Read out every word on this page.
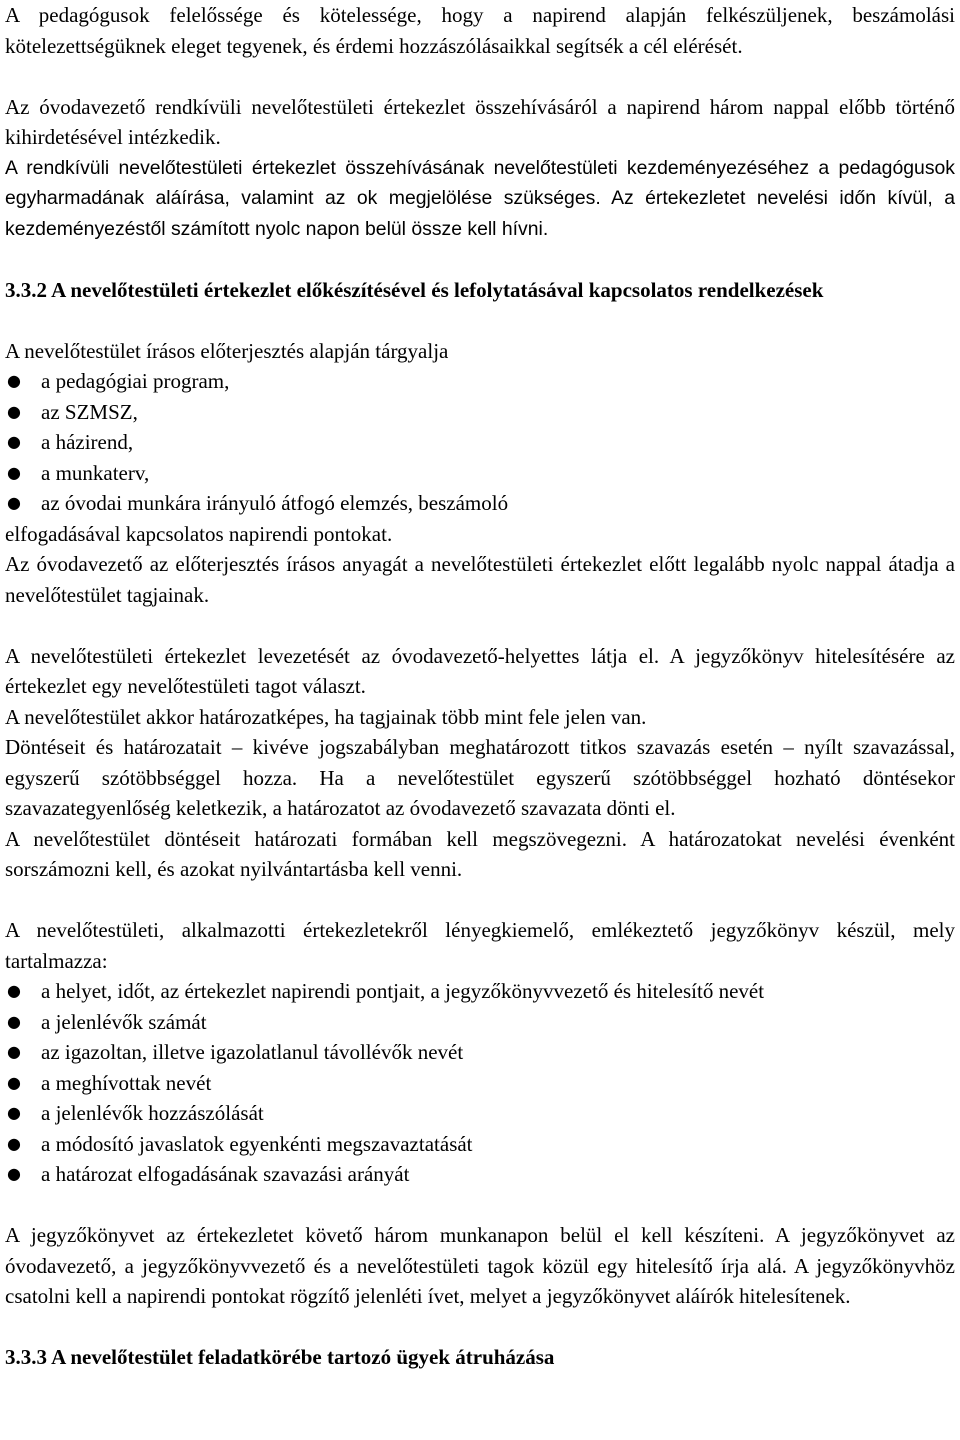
A pedagógusok felelőssége és kötelessége, hogy a napirend alapján felkészüljenek, beszámolási kötelezettségüknek eleget tegyenek, és érdemi hozzászólásaikkal segítsék a cél elérését.

Az óvodavezető rendkívüli nevelőtestületi értekezlet összehívásáról a napirend három nappal előbb történő kihirdetésével intézkedik.

A rendkívüli nevelőtestületi értekezlet összehívásának nevelőtestületi kezdeményezéséhez a pedagógusok egyharmadának aláírása, valamint az ok megjelölése szükséges. Az értekezletet nevelési időn kívül, a kezdeményezéstől számított nyolc napon belül össze kell hívni.

3.3.2 A nevelőtestületi értekezlet előkészítésével és lefolytatásával kapcsolatos rendelkezések

A nevelőtestület írásos előterjesztés alapján tárgyalja

● a pedagógiai program,
● az SZMSZ,
● a házirend,
● a munkaterv,
● az óvodai munkára irányuló átfogó elemzés, beszámoló

elfogadásával kapcsolatos napirendi pontokat.

Az óvodavezető az előterjesztés írásos anyagát a nevelőtestületi értekezlet előtt legalább nyolc nappal átadja a nevelőtestület tagjainak.

A nevelőtestületi értekezlet levezetését az óvodavezető-helyettes látja el. A jegyzőkönyv hitelesítésére az értekezlet egy nevelőtestületi tagot választ.

A nevelőtestület akkor határozatképes, ha tagjainak több mint fele jelen van.

Döntéseit és határozatait – kivéve jogszabályban meghatározott titkos szavazás esetén – nyílt szavazással, egyszerű szótöbbséggel hozza. Ha a nevelőtestület egyszerű szótöbbséggel hozható döntésekor szavazategyenlőség keletkezik, a határozatot az óvodavezető szavazata dönti el.

A nevelőtestület döntéseit határozati formában kell megszövegezni. A határozatokat nevelési évenként sorszámozni kell, és azokat nyilvántartásba kell venni.

A nevelőtestületi, alkalmazotti értekezletekről lényegkiemelő, emlékeztető jegyzőkönyv készül, mely tartalmazza:

● a helyet, időt, az értekezlet napirendi pontjait, a jegyzőkönyvvezető és hitelesítő nevét
● a jelenlévők számát
● az igazoltan, illetve igazolatlanul távollévők nevét
● a meghívottak nevét
● a jelenlévők hozzászólását
● a módosító javaslatok egyenkénti megszavaztatását
● a határozat elfogadásának szavazási arányát

A jegyzőkönyvet az értekezletet követő három munkanapon belül el kell készíteni. A jegyzőkönyvet az óvodavezető, a jegyzőkönyvvezető és a nevelőtestületi tagok közül egy hitelesítő írja alá. A jegyzőkönyvhöz csatolni kell a napirendi pontokat rögzítő jelenléti ívet, melyet a jegyzőkönyvet aláírók hitelesítenek.

3.3.3 A nevelőtestület feladatkörébe tartozó ügyek átruházása
